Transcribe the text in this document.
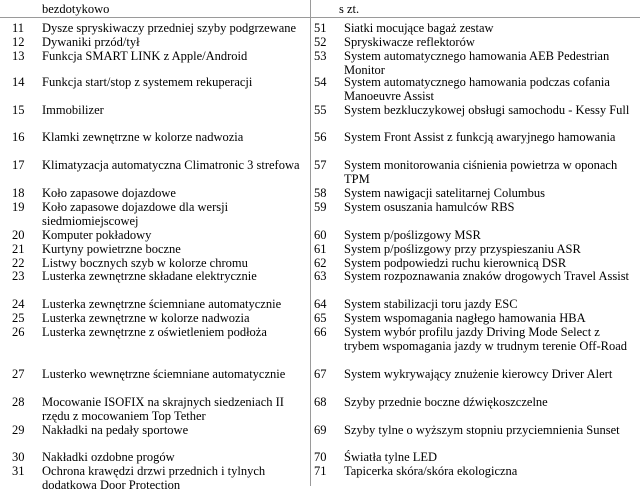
bezdotykowo	s zt.
11	Dysze spryskiwaczy przedniej szyby podgrzewane
12	Dywaniki przód/tył
13	Funkcja SMART LINK z Apple/Android
14	Funkcja start/stop z systemem rekuperacji
15	Immobilizer
16	Klamki zewnętrzne w kolorze nadwozia
17	Klimatyzacja automatyczna Climatronic 3 strefowa
18	Koło zapasowe dojazdowe
19	Koło zapasowe dojazdowe dla wersji siedmiomiejscowej
20	Komputer pokładowy
21	Kurtyny powietrzne boczne
22	Listwy bocznych szyb w kolorze chromu
23	Lusterka zewnętrzne składane elektrycznie
24	Lusterka zewnętrzne ściemniane automatycznie
25	Lusterka zewnętrzne w kolorze nadwozia
26	Lusterka zewnętrzne z oświetleniem podłoża
27	Lusterko wewnętrzne ściemniane automatycznie
28	Mocowanie ISOFIX na skrajnych siedzeniach II rzędu z mocowaniem Top Tether
29	Nakładki na pedały sportowe
30	Nakładki ozdobne progów
31	Ochrona krawędzi drzwi przednich i tylnych dodatkowa Door Protection
51	Siatki mocujące bagaż zestaw
52	Spryskiwacze reflektorów
53	System automatycznego hamowania AEB Pedestrian Monitor
54	System automatycznego hamowania podczas cofania Manoeuvre Assist
55	System bezkluczykowej obsługi samochodu - Kessy Full
56	System Front Assist z funkcją awaryjnego hamowania
57	System monitorowania ciśnienia powietrza w oponach TPM
58	System nawigacji satelitarnej Columbus
59	System osuszania hamulców RBS
60	System p/poślizgowy MSR
61	System p/poślizgowy przy przyspieszaniu ASR
62	System podpowiedzi ruchu kierownicą DSR
63	System rozpoznawania znaków drogowych Travel Assist
64	System stabilizacji toru jazdy ESC
65	System wspomagania nagłego hamowania HBA
66	System wybór profilu jazdy Driving Mode Select z trybem wspomagania jazdy w trudnym terenie Off-Road
67	System wykrywający znużenie kierowcy Driver Alert
68	Szyby przednie boczne dźwiękoszczelne
69	Szyby tylne o wyższym stopniu przyciemnienia Sunset
70	Światła tylne LED
71	Tapicerka skóra/skóra ekologiczna
